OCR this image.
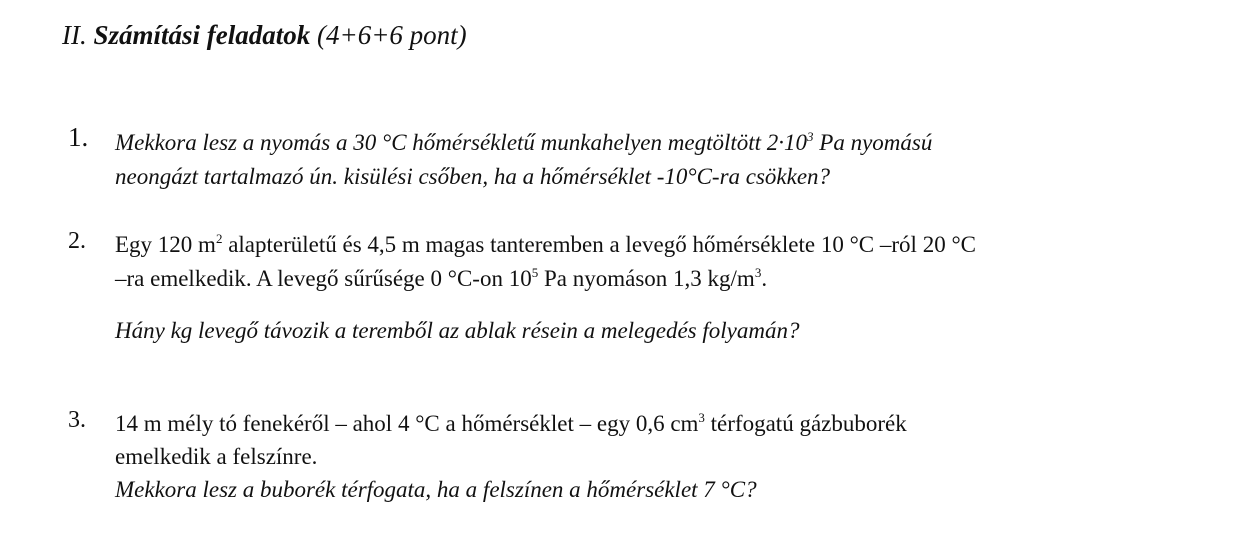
II. Számítási feladatok (4+6+6 pont)
1. Mekkora lesz a nyomás a 30 °C hőmérsékletű munkahelyen megtöltött $2\cdot 10^3$ Pa nyomású
neongázt tartalmazó ún. kisülési csőben, ha a hőmérséklet -10°C-ra csökken?
2. Egy 120 $m^2$ alapterületű és 4,5 m magas tanteremben a levegő hőmérséklete 10 °C –ról 20 °C
–ra emelkedik. A levegő sűrűsége 0 °C-on $10^5$ Pa nyomáson 1,3 $kg/m^3$.
Hány kg levegő távozik a teremből az ablak résein a melegedés folyamán?
3. 14 m mély tó fenekéről – ahol 4 °C a hőmérséklet – egy 0,6 $cm^3$ térfogatú gázbuborék
emelkedik a felszínre.
Mekkora lesz a buborék térfogata, ha a felszínen a hőmérséklet 7 °C?
